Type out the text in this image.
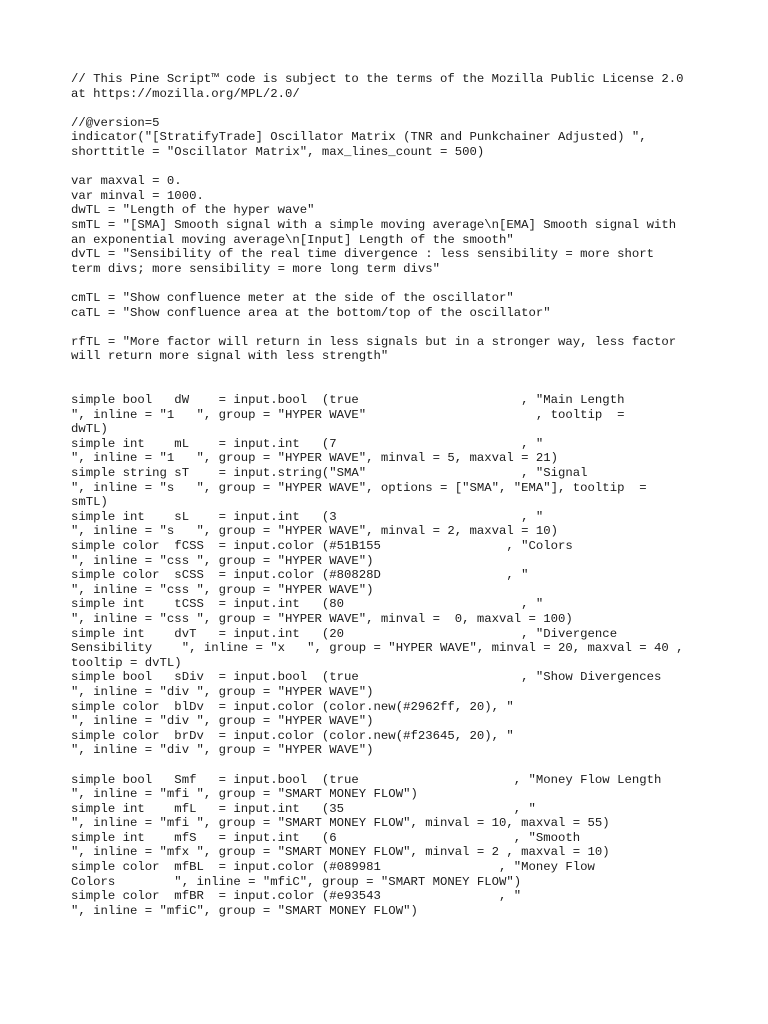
// This Pine Script™ code is subject to the terms of the Mozilla Public License 2.0
at https://mozilla.org/MPL/2.0/
//@version=5
indicator("[StratifyTrade] Oscillator Matrix (TNR and Punkchainer Adjusted) ",
shorttitle = "Oscillator Matrix", max_lines_count = 500)
var maxval = 0.
var minval = 1000.
dwTL = "Length of the hyper wave"
smTL = "[SMA] Smooth signal with a simple moving average\n[EMA] Smooth signal with
an exponential moving average\n[Input] Length of the smooth"
dvTL = "Sensibility of the real time divergence : less sensibility = more short
term divs; more sensibility = more long term divs"
cmTL = "Show confluence meter at the side of the oscillator"
caTL = "Show confluence area at the bottom/top of the oscillator"
rfTL = "More factor will return in less signals but in a stronger way, less factor
will return more signal with less strength"
simple bool   dW    = input.bool  (true                      , "Main Length
", inline = "1   ", group = "HYPER WAVE"                       , tooltip  =
dwTL)
simple int    mL    = input.int   (7                         , "
", inline = "1   ", group = "HYPER WAVE", minval = 5, maxval = 21)
simple string sT    = input.string("SMA"                     , "Signal
", inline = "s   ", group = "HYPER WAVE", options = ["SMA", "EMA"], tooltip  =
smTL)
simple int    sL    = input.int   (3                         , "
", inline = "s   ", group = "HYPER WAVE", minval = 2, maxval = 10)
simple color  fCSS  = input.color (#51B155                 , "Colors
", inline = "css ", group = "HYPER WAVE")
simple color  sCSS  = input.color (#80828D                 , "
", inline = "css ", group = "HYPER WAVE")
simple int    tCSS  = input.int   (80                        , "
", inline = "css ", group = "HYPER WAVE", minval =  0, maxval = 100)
simple int    dvT   = input.int   (20                        , "Divergence
Sensibility    ", inline = "x   ", group = "HYPER WAVE", minval = 20, maxval = 40 ,
tooltip = dvTL)
simple bool   sDiv  = input.bool  (true                      , "Show Divergences
", inline = "div ", group = "HYPER WAVE")
simple color  blDv  = input.color (color.new(#2962ff, 20), "
", inline = "div ", group = "HYPER WAVE")
simple color  brDv  = input.color (color.new(#f23645, 20), "
", inline = "div ", group = "HYPER WAVE")
simple bool   Smf   = input.bool  (true                     , "Money Flow Length
", inline = "mfi ", group = "SMART MONEY FLOW")
simple int    mfL   = input.int   (35                       , "
", inline = "mfi ", group = "SMART MONEY FLOW", minval = 10, maxval = 55)
simple int    mfS   = input.int   (6                        , "Smooth
", inline = "mfx ", group = "SMART MONEY FLOW", minval = 2 , maxval = 10)
simple color  mfBL  = input.color (#089981                , "Money Flow
Colors        ", inline = "mfiC", group = "SMART MONEY FLOW")
simple color  mfBR  = input.color (#e93543                , "
", inline = "mfiC", group = "SMART MONEY FLOW")
